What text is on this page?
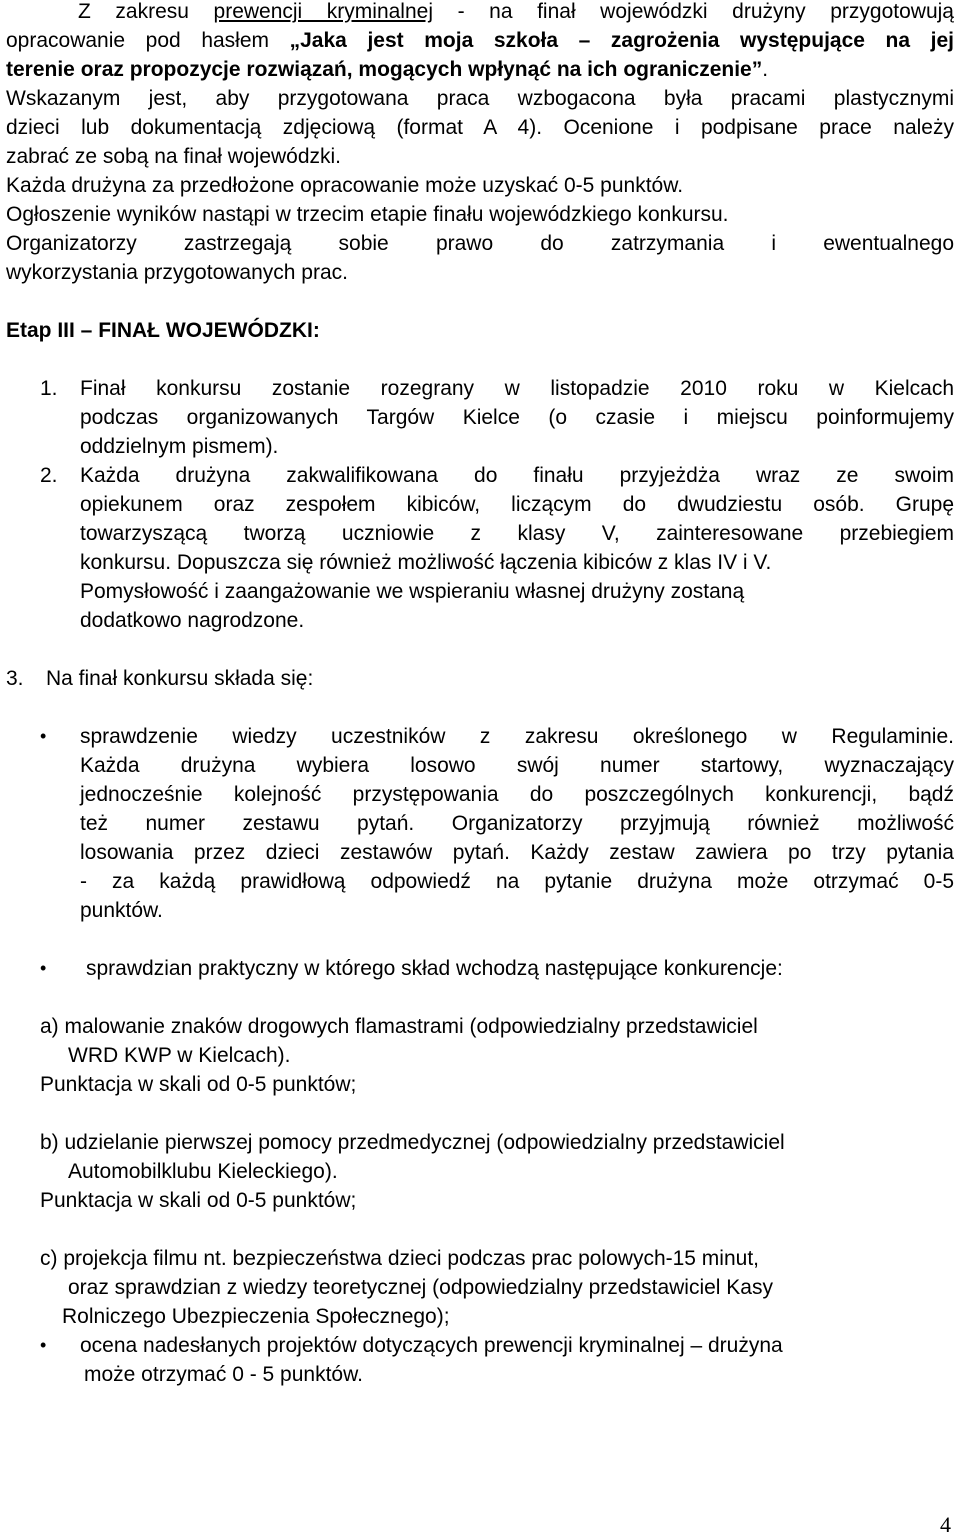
Z zakresu prewencji kryminalnej - na finał wojewódzki drużyny przygotowują
opracowanie pod hasłem „Jaka jest moja szkoła – zagrożenia występujące na jej
terenie oraz propozycje rozwiązań, mogących wpłynąć na ich ograniczenie”.
Wskazanym jest, aby przygotowana praca wzbogacona była pracami plastycznymi
dzieci lub dokumentacją zdjęciową (format A 4). Ocenione i podpisane prace należy
zabrać ze sobą na finał wojewódzki.
Każda drużyna za przedłożone opracowanie może uzyskać 0-5 punktów.
Ogłoszenie wyników nastąpi w trzecim etapie finału wojewódzkiego konkursu.
Organizatorzy zastrzegają sobie prawo do zatrzymania i ewentualnego
wykorzystania przygotowanych prac.
Etap III – FINAŁ WOJEWÓDZKI:
1. Finał konkursu zostanie rozegrany w listopadzie 2010 roku w Kielcach
podczas organizowanych Targów Kielce (o czasie i miejscu poinformujemy
oddzielnym pismem).
2. Każda drużyna zakwalifikowana do finału przyjeżdża wraz ze swoim
opiekunem oraz zespołem kibiców, liczącym do dwudziestu osób. Grupę
towarzyszącą tworzą uczniowie z klasy V, zainteresowane przebiegiem
konkursu. Dopuszcza się również możliwość łączenia kibiców z klas IV i V.
Pomysłowość i zaangażowanie we wspieraniu własnej drużyny zostaną
dodatkowo nagrodzone.
3. Na finał konkursu składa się:
• sprawdzenie wiedzy uczestników z zakresu określonego w Regulaminie.
Każda drużyna wybiera losowo swój numer startowy, wyznaczający
jednocześnie kolejność przystępowania do poszczególnych konkurencji, bądź
też numer zestawu pytań. Organizatorzy przyjmują również możliwość
losowania przez dzieci zestawów pytań. Każdy zestaw zawiera po trzy pytania
- za każdą prawidłową odpowiedź na pytanie drużyna może otrzymać 0-5
punktów.
• sprawdzian praktyczny w którego skład wchodzą następujące konkurencje:
a) malowanie znaków drogowych flamastrami (odpowiedzialny przedstawiciel
WRD KWP w Kielcach).
Punktacja w skali od 0-5 punktów;
b) udzielanie pierwszej pomocy przedmedycznej (odpowiedzialny przedstawiciel
Automobilklubu Kieleckiego).
Punktacja w skali od 0-5 punktów;
c) projekcja filmu nt. bezpieczeństwa dzieci podczas prac polowych-15 minut,
oraz sprawdzian z wiedzy teoretycznej (odpowiedzialny przedstawiciel Kasy
Rolniczego Ubezpieczenia Społecznego);
• ocena nadesłanych projektów dotyczących prewencji kryminalnej – drużyna
może otrzymać 0 - 5 punktów.
4
